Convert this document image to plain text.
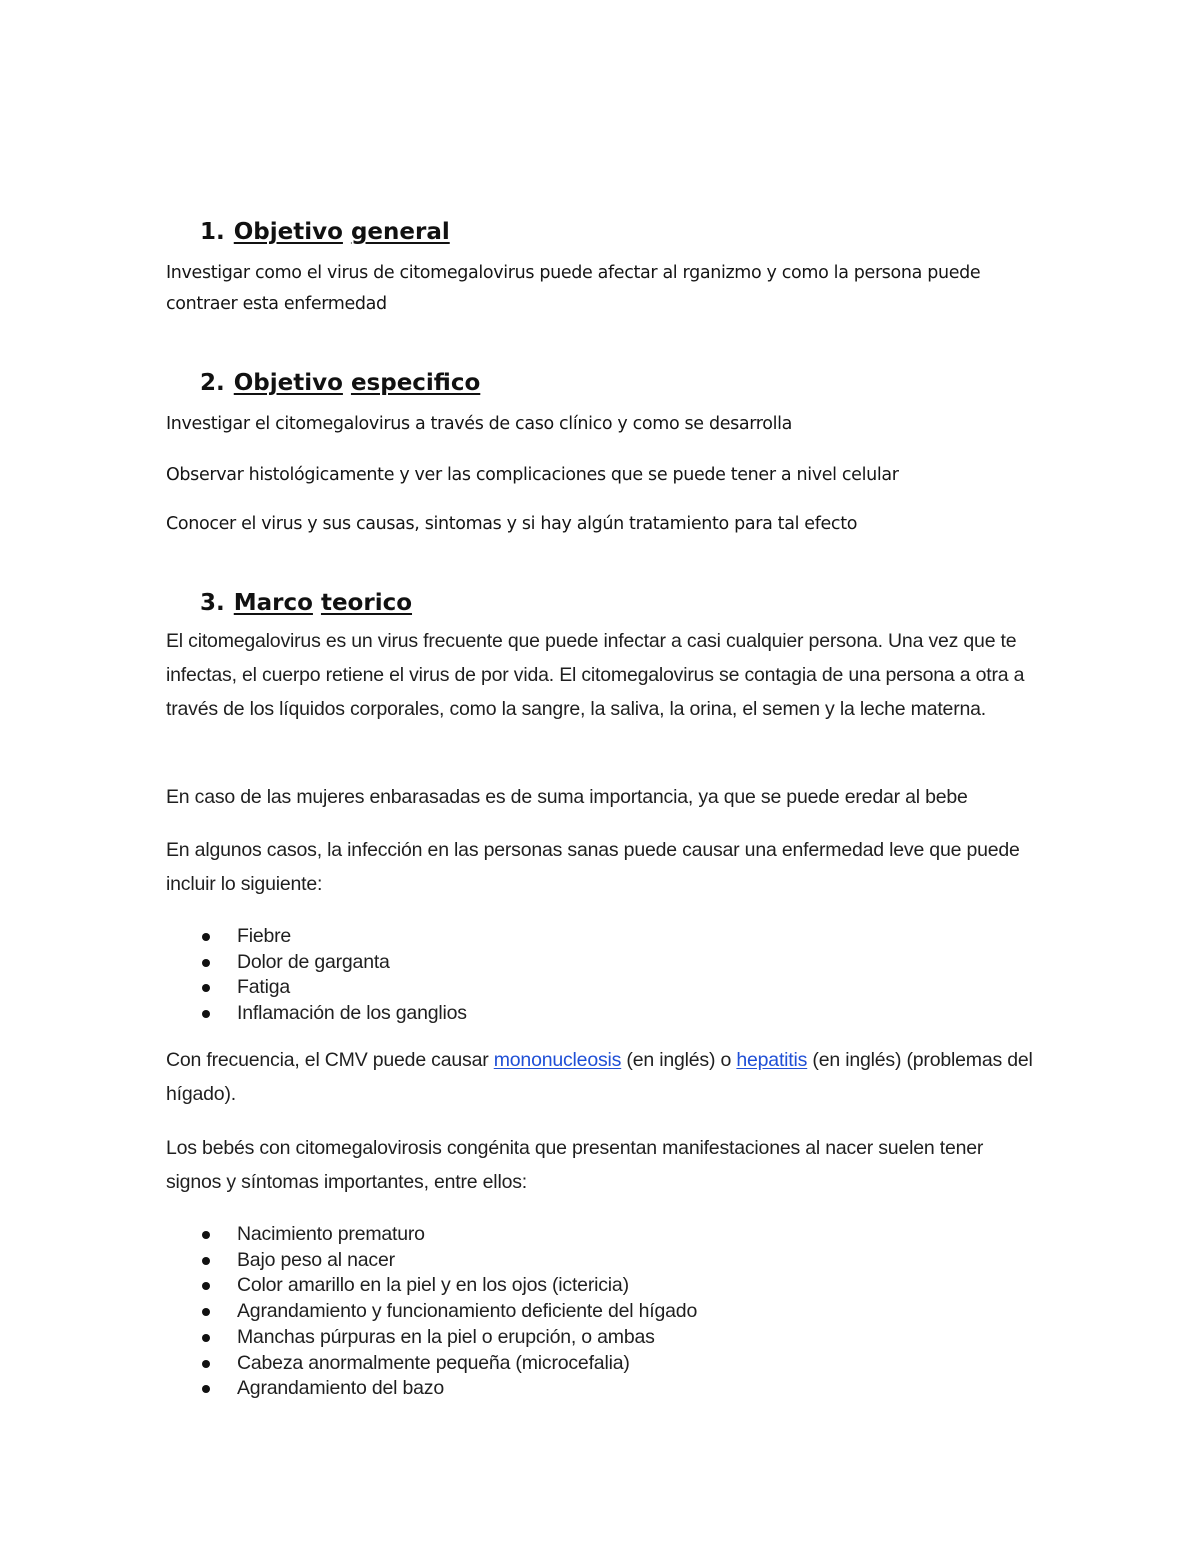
1. Objetivo general

Investigar como el virus de citomegalovirus puede afectar al rganizmo y como la persona puede contraer esta enfermedad

2. Objetivo especifico

Investigar el citomegalovirus a través de caso clínico y como se desarrolla

Observar histológicamente y ver las complicaciones que se puede tener a nivel celular

Conocer el virus y sus causas, sintomas y si hay algún tratamiento para tal efecto

3. Marco teorico

El citomegalovirus es un virus frecuente que puede infectar a casi cualquier persona. Una vez que te infectas, el cuerpo retiene el virus de por vida. El citomegalovirus se contagia de una persona a otra a través de los líquidos corporales, como la sangre, la saliva, la orina, el semen y la leche materna.

En caso de las mujeres enbarasadas es de suma importancia, ya que se puede eredar al bebe

En algunos casos, la infección en las personas sanas puede causar una enfermedad leve que puede incluir lo siguiente:

Fiebre
Dolor de garganta
Fatiga
Inflamación de los ganglios

Con frecuencia, el CMV puede causar mononucleosis (en inglés) o hepatitis (en inglés) (problemas del hígado).

Los bebés con citomegalovirosis congénita que presentan manifestaciones al nacer suelen tener signos y síntomas importantes, entre ellos:

Nacimiento prematuro
Bajo peso al nacer
Color amarillo en la piel y en los ojos (ictericia)
Agrandamiento y funcionamiento deficiente del hígado
Manchas púrpuras en la piel o erupción, o ambas
Cabeza anormalmente pequeña (microcefalia)
Agrandamiento del bazo
